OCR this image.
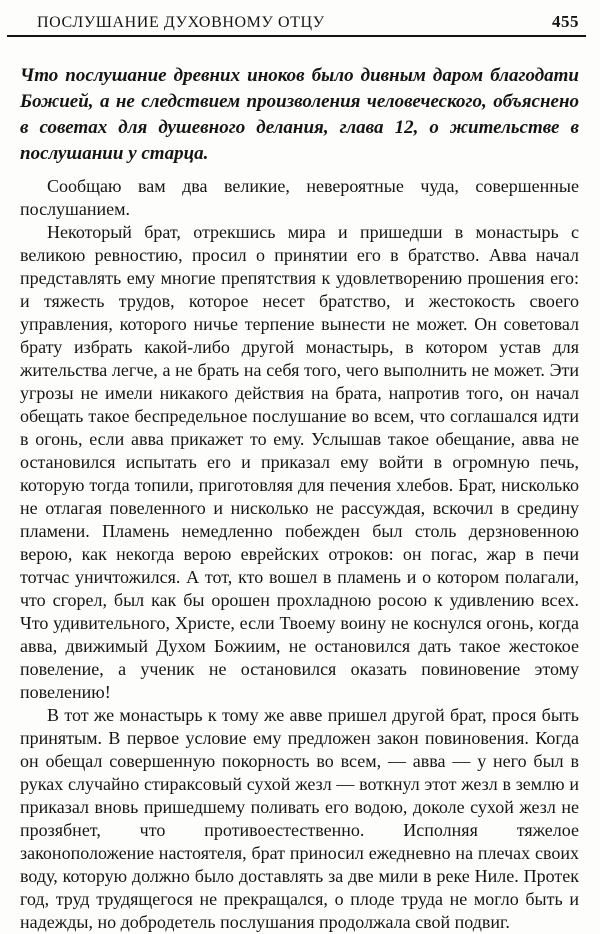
ПОСЛУШАНИЕ ДУХОВНОМУ ОТЦУ	455
Что послушание древних иноков было дивным даром благодати Божией, а не следствием произволения человеческого, объяснено в советах для душевного делания, глава 12, о жительстве в послушании у старца.

Сообщаю вам два великие, невероятные чуда, совершенные послушанием.

Некоторый брат, отрекшись мира и пришедши в монастырь с великою ревностию, просил о принятии его в братство. Авва начал представлять ему многие препятствия к удовлетворению прошения его: и тяжесть трудов, которое несет братство, и жестокость своего управления, которого ничье терпение вынести не может. Он советовал брату избрать какой-либо другой монастырь, в котором устав для жительства легче, а не брать на себя того, чего выполнить не может. Эти угрозы не имели никакого действия на брата, напротив того, он начал обещать такое беспредельное послушание во всем, что соглашался идти в огонь, если авва прикажет то ему. Услышав такое обещание, авва не остановился испытать его и приказал ему войти в огромную печь, которую тогда топили, приготовляя для печения хлебов. Брат, нисколько не отлагая повеленного и нисколько не рассуждая, вскочил в средину пламени. Пламень немедленно побежден был столь дерзновенною верою, как некогда верою еврейских отроков: он погас, жар в печи тотчас уничтожился. А тот, кто вошел в пламень и о котором полагали, что сгорел, был как бы орошен прохладною росою к удивлению всех. Что удивительного, Христе, если Твоему воину не коснулся огонь, когда авва, движимый Духом Божиим, не остановился дать такое жестокое повеление, а ученик не остановился оказать повиновение этому повелению!

В тот же монастырь к тому же авве пришел другой брат, прося быть принятым. В первое условие ему предложен закон повиновения. Когда он обещал совершенную покорность во всем, — авва — у него был в руках случайно стираксовый сухой жезл — воткнул этот жезл в землю и приказал вновь пришедшему поливать его водою, доколе сухой жезл не прозябнет, что противоестественно. Исполняя тяжелое законоположение настоятеля, брат приносил ежедневно на плечах своих воду, которую должно было доставлять за две мили в реке Ниле. Протек год, труд трудящегося не прекращался, о плоде труда не могло быть и надежды, но добродетель послушания продолжала свой подвиг.
